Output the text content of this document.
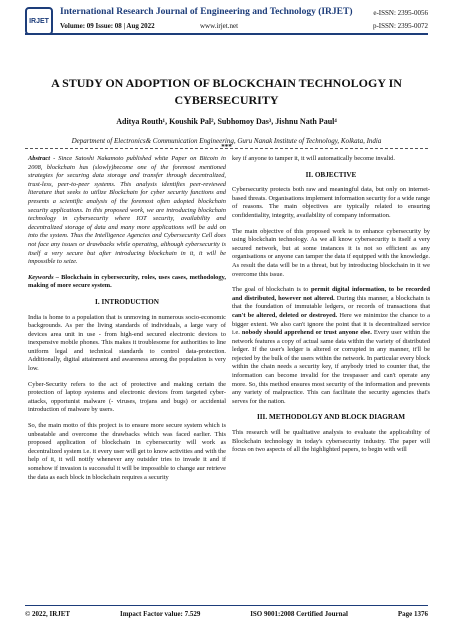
IRJET
International Research Journal of Engineering and Technology (IRJET)	e-ISSN: 2395-0056
Volume: 09 Issue: 08 | Aug 2022	www.irjet.net	p-ISSN: 2395-0072
A STUDY ON ADOPTION OF BLOCKCHAIN TECHNOLOGY IN CYBERSECURITY
Aditya Routh¹, Koushik Pal², Subhomoy Das³, Jishnu Nath Paul⁴
Department of Electronics& Communication Engineering, Guru Nanak Institute of Technology, Kolkata, India
***

Abstract - Since Satoshi Nakamoto published white Paper on Bitcoin in 2008, blockchain has (slowly)become one of the foremost mentioned strategies for securing data storage and transfer through decentralized, trust-less, peer-to-peer systems. This analysis identifies peer-reviewed literature that seeks to utilize Blockchain for cyber security functions and presents a scientific analysis of the foremost often adopted blockchain security applications. In this proposed work, we are introducing blockchain technology in cybersecurity where IOT security, availability and decentralized storage of data and many more applications will be add on into the system. Thus the Intelligence Agencies and Cybersecurity Cell does not face any issues or drawbacks while operating, although cybersecurity is itself a very secure but after introducing blockchain in it, it will be impossible to seize.

Keywords – Blockchain in cybersecurity, roles, uses cases, methodology, making of more secure system.

I. INTRODUCTION

India is home to a population that is unmoving in numerous socio-economic backgrounds. As per the living standards of individuals, a large vary of devices area unit in use - from high-end secured electronic devices to inexpensive mobile phones. This makes it troublesome for authorities to line uniform legal and technical standards to control data-protection. Additionally, digital attainment and awareness among the population is very low.

Cyber-Security refers to the act of protective and making certain the protection of laptop systems and electronic devices from targeted cyber-attacks, opportunist malware (- viruses, trojans and bugs) or accidental introduction of malware by users.

So, the main motto of this project is to ensure more secure system which is unbeatable and overcome the drawbacks which was faced earlier. This proposed application of blockchain in cybersecurity will work as decentralized system i.e. it every user will get to know activities and with the help of it, it will notify whenever any outsider tries to invade it and if somehow if invasion is successful it will be impossible to change aur retrieve the data as each block in blockchain requires a security

key if anyone to tamper it, it will automatically become invalid.

II. OBJECTIVE

Cybersecurity protects both raw and meaningful data, but only on internet-based threats. Organisations implement information security for a wide range of reasons. The main objectives are typically related to ensuring confidentiality, integrity, availability of company information.

The main objective of this proposed work is to enhance cybersecurity by using blockchain technology. As we all know cybersecurity is itself a very secured network, but at some instances it is not so efficient as any organisations or anyone can tamper the data if equipped with the knowledge. As result the data will be in a threat, but by introducing blockchain in it we overcome this issue.

The goal of blockchain is to permit digital information, to be recorded and distributed, however not altered. During this manner, a blockchain is that the foundation of immutable ledgers, or records of transactions that can't be altered, deleted or destroyed. Here we minimize the chance to a bigger extent. We also can't ignore the point that it is decentralized service i.e. nobody should apprehend or trust anyone else. Every user within the network features a copy of actual same data within the variety of distributed ledger. If the user's ledger is altered or corrupted in any manner, it'll be rejected by the bulk of the users within the network. In particular every block within the chain needs a security key, if anybody tried to counter that, the information can become invalid for the trespasser and can't operate any more. So, this method ensures most security of the information and prevents any variety of malpractice. This can facilitate the security agencies that's serves for the nation.

III. METHODOLGY AND BLOCK DIAGRAM

This research will be qualitative analysis to evaluate the applicability of Blockchain technology in today's cybersecurity industry. The paper will focus on two aspects of all the highlighted papers, to begin with will

© 2022, IRJET	Impact Factor value: 7.529	ISO 9001:2008 Certified Journal	Page 1376
